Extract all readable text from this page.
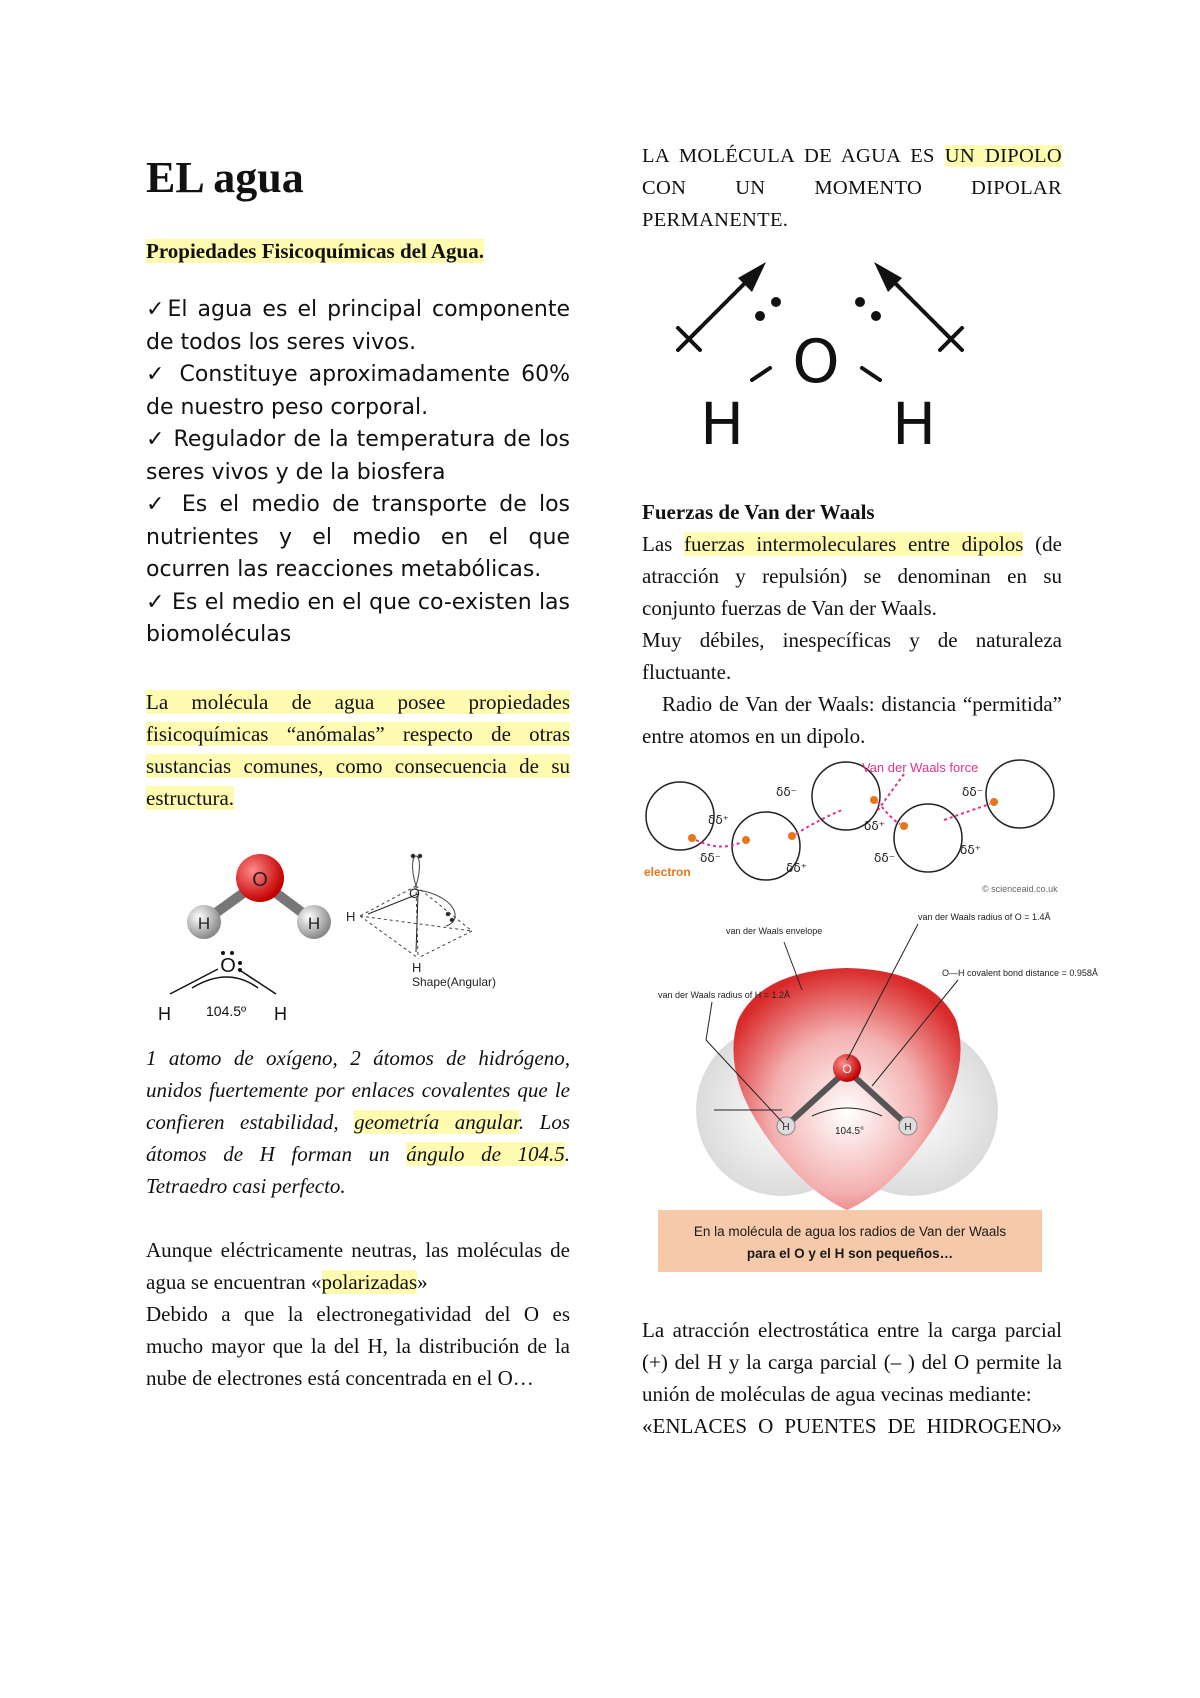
EL agua
Propiedades Fisicoquímicas del Agua.
✓El agua es el principal componente de todos los seres vivos.
✓ Constituye aproximadamente 60% de nuestro peso corporal.
✓ Regulador de la temperatura de los seres vivos y de la biosfera
✓ Es el medio de transporte de los nutrientes y el medio en el que ocurren las reacciones metabólicas.
✓ Es el medio en el que co-existen las biomoléculas
La molécula de agua posee propiedades fisicoquímicas “anómalas” respecto de otras sustancias comunes, como consecuencia de su estructura.
O
H	H
O
H	H
104.5º
O
H
H
Shape(Angular)
1 atomo de oxígeno, 2 átomos de hidrógeno, unidos fuertemente por enlaces covalentes que le confieren estabilidad, geometría angular. Los átomos de H forman un ángulo de 104.5. Tetraedro casi perfecto.
Aunque eléctricamente neutras, las moléculas de agua se encuentran «polarizadas»
Debido a que la electronegatividad del O es mucho mayor que la del H, la distribución de la nube de electrones está concentrada en el O…
LA MOLÉCULA DE AGUA ES UN DIPOLO CON UN MOMENTO DIPOLAR PERMANENTE.
O
H	H
Fuerzas de Van der Waals
Las fuerzas intermoleculares entre dipolos (de atracción y repulsión) se denominan en su conjunto fuerzas de Van der Waals.
Muy débiles, inespecíficas y de naturaleza fluctuante.
Radio de Van der Waals: distancia “permitida” entre atomos en un dipolo.
Van der Waals force
electron
δδ⁺
δδ⁻
δδ⁺
δδ⁻
δδ⁺
δδ⁻
δδ⁺
δδ⁻
© scienceaid.co.uk
O
H	H
104.5°
van der Waals envelope
van der Waals radius of O = 1.4Å
O—H covalent bond distance = 0.958Å
van der Waals radius of H = 1.2Å
En la molécula de agua los radios de Van der Waals
para el O y el H son pequeños…
La atracción electrostática entre la carga parcial (+) del H y la carga parcial (– ) del O permite la unión de moléculas de agua vecinas mediante:
«ENLACES O PUENTES DE HIDROGENO»
